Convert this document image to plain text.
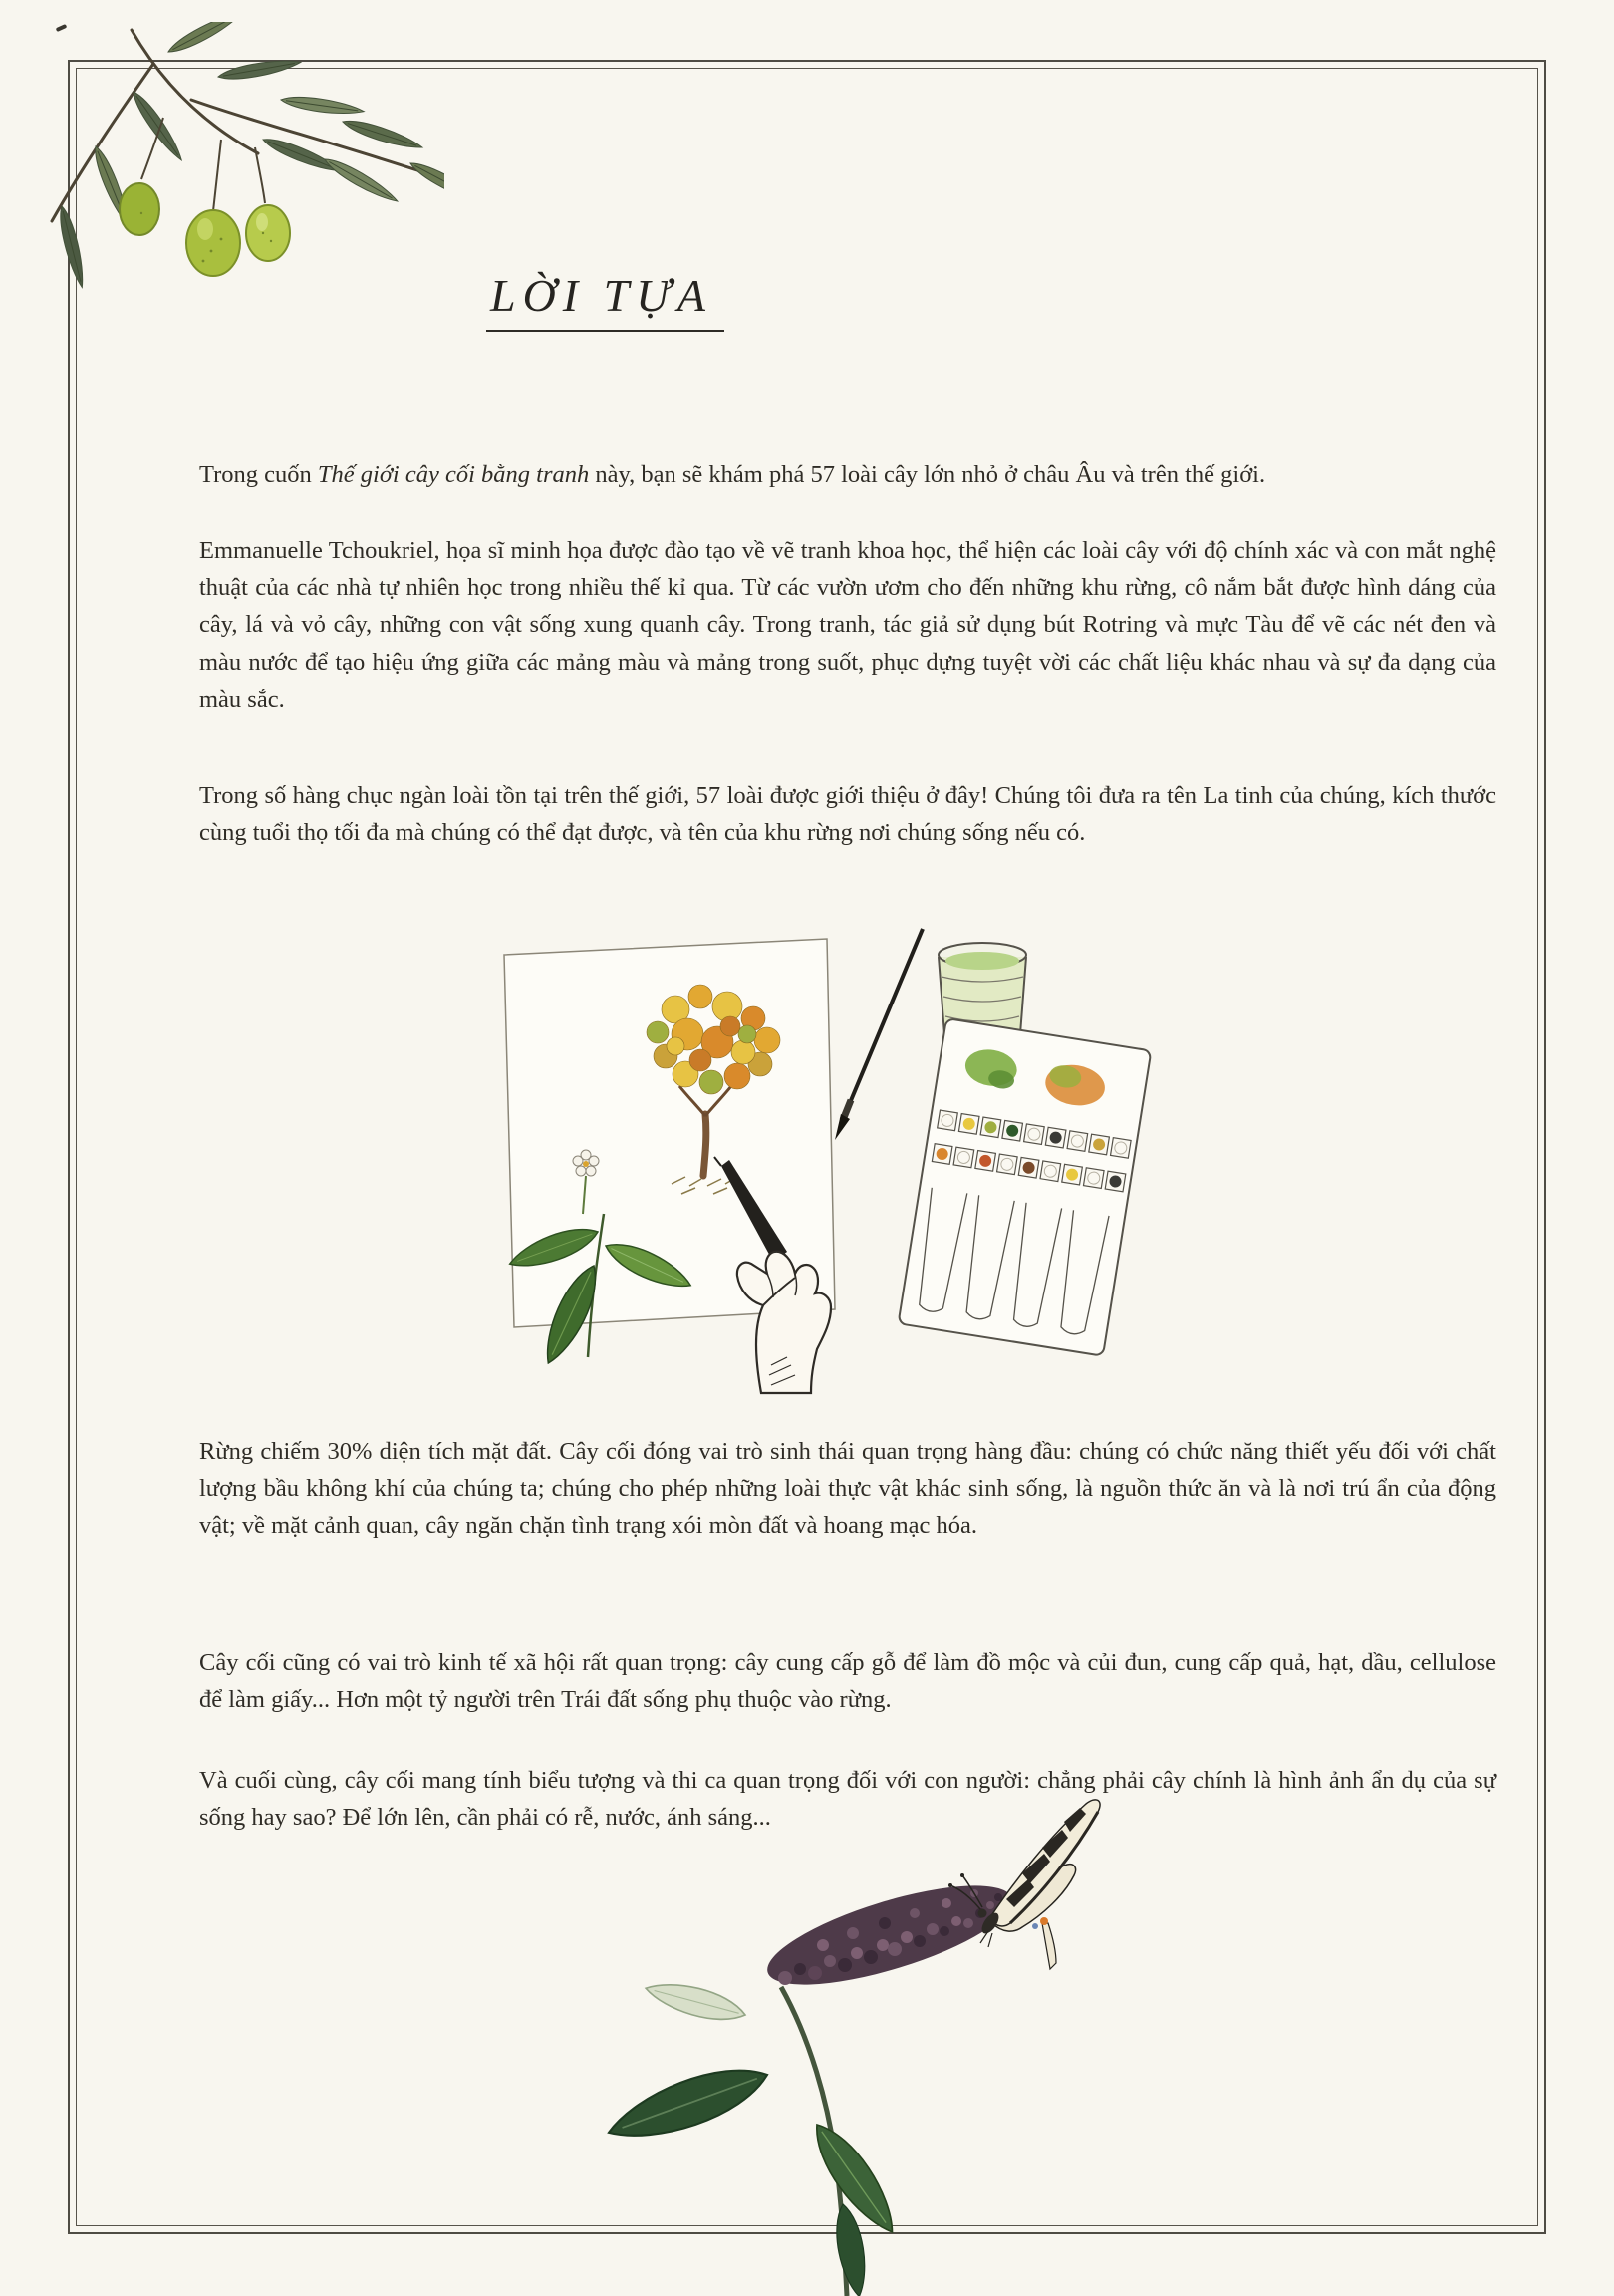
LỜI TỰA

Trong cuốn Thế giới cây cối bằng tranh này, bạn sẽ khám phá 57 loài cây lớn nhỏ ở châu Âu và trên thế giới.

Emmanuelle Tchoukriel, họa sĩ minh họa được đào tạo về vẽ tranh khoa học, thể hiện các loài cây với độ chính xác và con mắt nghệ thuật của các nhà tự nhiên học trong nhiều thế kỉ qua. Từ các vườn ươm cho đến những khu rừng, cô nắm bắt được hình dáng của cây, lá và vỏ cây, những con vật sống xung quanh cây. Trong tranh, tác giả sử dụng bút Rotring và mực Tàu để vẽ các nét đen và màu nước để tạo hiệu ứng giữa các mảng màu và mảng trong suốt, phục dựng tuyệt vời các chất liệu khác nhau và sự đa dạng của màu sắc.

Trong số hàng chục ngàn loài tồn tại trên thế giới, 57 loài được giới thiệu ở đây! Chúng tôi đưa ra tên La tinh của chúng, kích thước cùng tuổi thọ tối đa mà chúng có thể đạt được, và tên của khu rừng nơi chúng sống nếu có.

Rừng chiếm 30% diện tích mặt đất. Cây cối đóng vai trò sinh thái quan trọng hàng đầu: chúng có chức năng thiết yếu đối với chất lượng bầu không khí của chúng ta; chúng cho phép những loài thực vật khác sinh sống, là nguồn thức ăn và là nơi trú ẩn của động vật; về mặt cảnh quan, cây ngăn chặn tình trạng xói mòn đất và hoang mạc hóa.

Cây cối cũng có vai trò kinh tế xã hội rất quan trọng: cây cung cấp gỗ để làm đồ mộc và củi đun, cung cấp quả, hạt, dầu, cellulose để làm giấy... Hơn một tỷ người trên Trái đất sống phụ thuộc vào rừng.

Và cuối cùng, cây cối mang tính biểu tượng và thi ca quan trọng đối với con người: chẳng phải cây chính là hình ảnh ẩn dụ của sự sống hay sao? Để lớn lên, cần phải có rễ, nước, ánh sáng...
